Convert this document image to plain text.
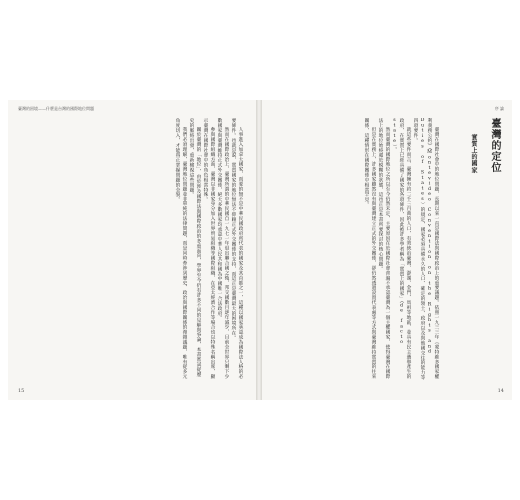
臺灣的困境——什麼是台灣的國際地位問題

人事進入加拿大國家，而要的無不是中華民國政府所代表的國家及其首都之一，這種以國家承認成為國際法人格的必要條件。也就是說，實質國家的地位無法不仰賴正式外交關係的支持，而這正是臺灣最大的困境所在。

然而在國際政治上，臺灣所謂的中華民國自一九七一年退出聯合國之後，邦交國數目逐年減少，目前全世界只剩下少數國家與臺灣維持正式外交關係，絕大多數國家均承認中華人民共和國為中國唯一合法政府。

參與國際組織方面，臺灣以非國家身分加入世界貿易組織等國際組織，在亞太經濟合作等場合也以特殊名稱出席，顯示臺灣在國際社會中的角色相當特殊。

關於臺灣的「地位」，由於涉及國際法與國際政治的多重面向，學界至今仍有許多不同的見解與爭論，本書嘗試從歷史的脈絡出發，重新檢視這些問題。

我們必須理解，臺灣地位問題並非單純的法律問題，而是同時牽涉到歷史、政治與國際關係的複雜議題，唯有從多元角度切入，才能真正掌握問題的全貌。

15
序 論
臺灣的定位
實質上的國家

臺灣在國際社會中的地位問題，長期以來一直是國際法與國際政治上的重要議題。依照一九三三年《蒙特維多國家權利義務公約》（Montevideo Convention on the Rights and Duties of States）的規定，國家必須具備永久的人口、確定的領土、政府以及與他國交往的能力等四項要件。

就這些要件而言，臺灣擁有約二千三百萬的人口，有效統治臺灣、澎湖、金門、馬祖等地區，並具有民主選舉產生的政府，在實質上已經具備了國家的各項條件，因此被許多學者稱為「實質上的國家」（de facto state）。

然而臺灣的國際地位之所以至今仍然未定，主要原因在於國際社會普遍不承認臺灣為一個主權國家，使得臺灣在國際法上的地位始終處於模糊的狀態，這也正是本書所要探討的核心問題。

但是在實務上，許多國家雖然沒有與臺灣建立正式的外交關係，卻仍然透過設置代表處等方式與臺灣維持實質的往來關係，這種情形在國際關係中相當罕見。

14
